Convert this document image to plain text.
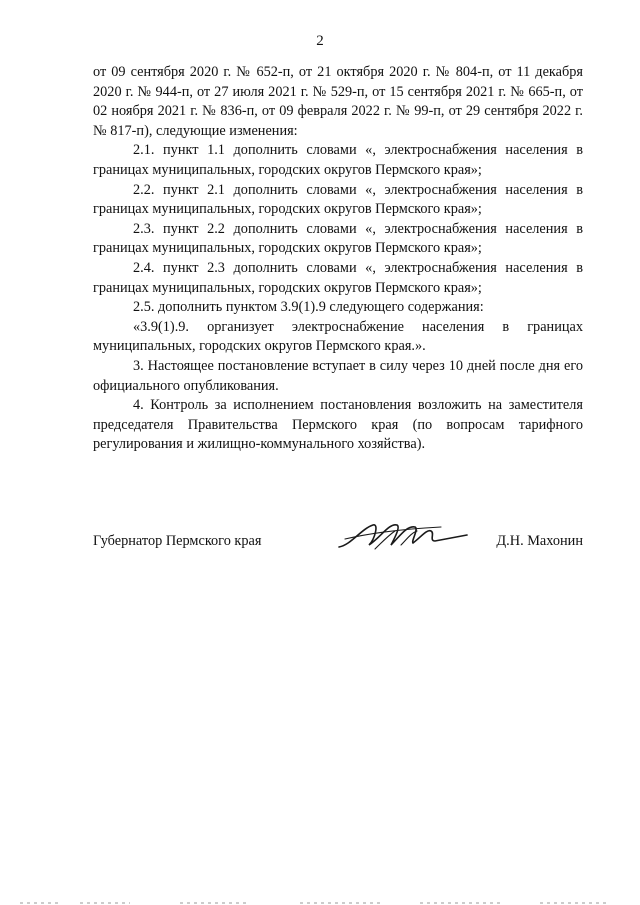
2

от 09 сентября 2020 г. № 652-п, от 21 октября 2020 г. № 804-п, от 11 декабря 2020 г. № 944-п, от 27 июля 2021 г. № 529-п, от 15 сентября 2021 г. № 665-п, от 02 ноября 2021 г. № 836-п, от 09 февраля 2022 г. № 99-п, от 29 сентября 2022 г. № 817-п), следующие изменения:

2.1. пункт 1.1 дополнить словами «, электроснабжения населения в границах муниципальных, городских округов Пермского края»;

2.2. пункт 2.1 дополнить словами «, электроснабжения населения в границах муниципальных, городских округов Пермского края»;

2.3. пункт 2.2 дополнить словами «, электроснабжения населения в границах муниципальных, городских округов Пермского края»;

2.4. пункт 2.3 дополнить словами «, электроснабжения населения в границах муниципальных, городских округов Пермского края»;

2.5. дополнить пунктом 3.9(1).9 следующего содержания:

«3.9(1).9. организует электроснабжение населения в границах муниципальных, городских округов Пермского края.».

3. Настоящее постановление вступает в силу через 10 дней после дня его официального опубликования.

4. Контроль за исполнением постановления возложить на заместителя председателя Правительства Пермского края (по вопросам тарифного регулирования и жилищно-коммунального хозяйства).

Губернатор Пермского края	Д.Н. Махонин
